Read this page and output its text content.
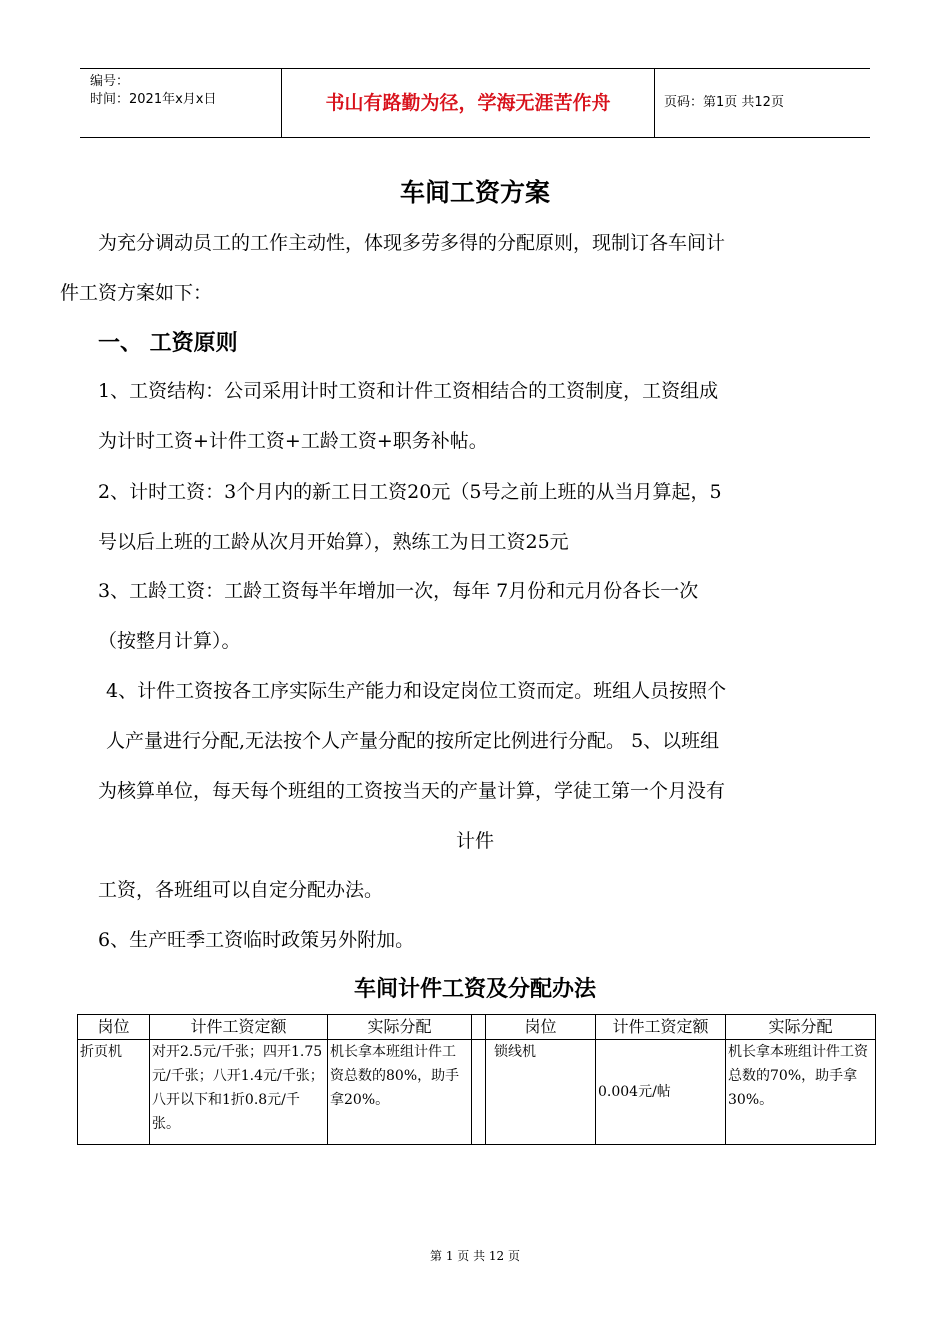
编号：
时间：2021年x月x日	书山有路勤为径，学海无涯苦作舟	页码：第1页 共12页
车间工资方案
为充分调动员工的工作主动性，体现多劳多得的分配原则，现制订各车间计
件工资方案如下：
一、 工资原则
1、工资结构：公司采用计时工资和计件工资相结合的工资制度，工资组成
为计时工资+计件工资+工龄工资+职务补帖。
2、计时工资：3个月内的新工日工资20元（5号之前上班的从当月算起，5
号以后上班的工龄从次月开始算），熟练工为日工资25元
3、工龄工资：工龄工资每半年增加一次，每年 7月份和元月份各长一次
（按整月计算）。
4、计件工资按各工序实际生产能力和设定岗位工资而定。班组人员按照个
人产量进行分配,无法按个人产量分配的按所定比例进行分配。 5、以班组
为核算单位，每天每个班组的工资按当天的产量计算，学徒工第一个月没有
计件
工资，各班组可以自定分配办法。
6、生产旺季工资临时政策另外附加。
车间计件工资及分配办法
岗位	计件工资定额	实际分配		岗位	计件工资定额	实际分配
折页机	对开2.5元/千张；四开1.75元/千张；八开1.4元/千张；八开以下和1折0.8元/千张。	机长拿本班组计件工资总数的80%，助手拿20%。		锁线机	0.004元/帖	机长拿本班组计件工资总数的70%，助手拿30%。
第 1 页 共 12 页
